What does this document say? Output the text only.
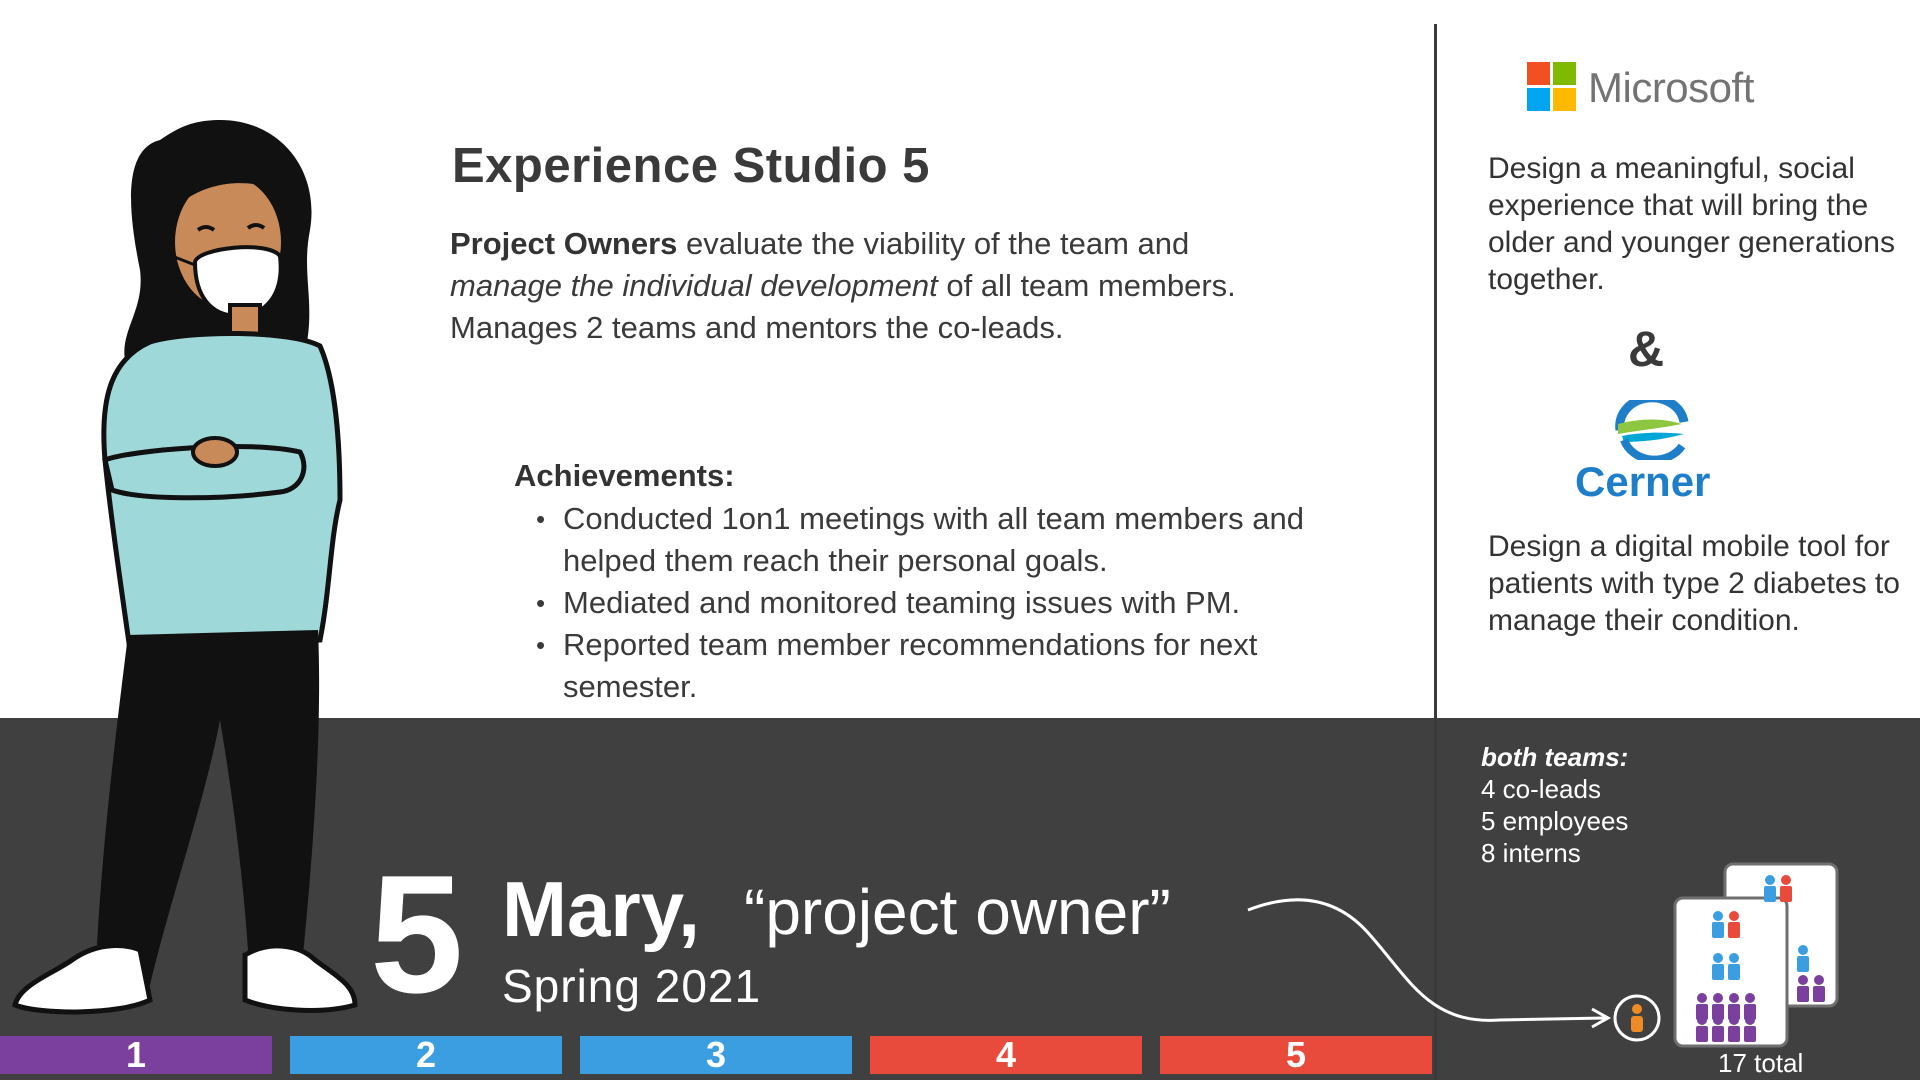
Experience Studio 5
Project Owners evaluate the viability of the team and
manage the individual development of all team members.
Manages 2 teams and mentors the co-leads.
Achievements:
• Conducted 1on1 meetings with all team members and helped them reach their personal goals.
• Mediated and monitored teaming issues with PM.
• Reported team member recommendations for next semester.
5 Mary, “project owner”
Spring 2021
1	2	3	4	5
Microsoft
Design a meaningful, social experience that will bring the older and younger generations together.
&
Cerner
Design a digital mobile tool for patients with type 2 diabetes to manage their condition.
both teams:
4 co-leads
5 employees
8 interns
17 total
